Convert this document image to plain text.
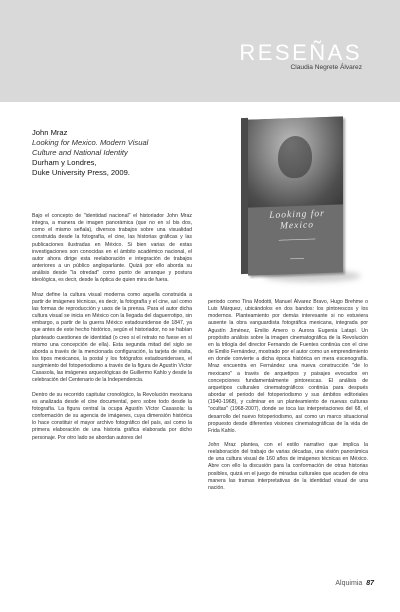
RESEÑAS
Claudia Negrete Álvarez
John Mraz
Looking for Mexico. Modern Visual
Culture and National Identity
Durham y Londres,
Duke University Press, 2009.
Looking for Mexico
━━━━━━━━━━━━━━━━
━━━━━━

Bajo el concepto de "identidad nacional" el historiador John Mraz integra, a manera de imagen panorámica (que no en sí bis dos, como el mismo señala), diversos trabajos sobre una visualidad construida desde la fotografía, el cine, las historias gráficas y las publicaciones ilustradas en México. Si bien varias de estas investigaciones son conocidas en el ámbito académico nacional, el autor ahora dirige esta reelaboración e integración de trabajos anteriores a un público angloparlante. Quizá por ello aborda su análisis desde "la otredad" como punto de arranque y postura ideológica, es decir, desde la óptica de quien mira de fuera.

Mraz define la cultura visual moderna como aquella construida a partir de imágenes técnicas, es decir, la fotografía y el cine, así como las formas de reproducción y usos de la prensa. Para el autor dicha cultura visual se inicia en México con la llegada del daguerrotipo, sin embargo, a partir de la guerra México estadounidense de 1847, ya que antes de este hecho histórico, según el historiador, no se habían planteado cuestiones de identidad (o creo si el retrato no fuese en sí mismo una concepción de ella). Esta segunda mitad del siglo se aborda a través de la mencionada configuración, la tarjeta de visita, los tipos mexicanos, la postal y los fotógrafos estadounidenses, el surgimiento del fotoperiodismo a través de la figura de Agustín Víctor Casasola, las imágenes arqueológicas de Guillermo Kahlo y desde la celebración del Centenario de la Independencia.

Dentro de su recorrido capitular cronológico, la Revolución mexicana es analizada desde el cine documental, pero sobre todo desde la fotografía. La figura central la ocupa Agustín Víctor Casasola: la conformación de su agencia de imágenes, cuya dimensión histórica lo hace constituir el mayor archivo fotográfico del país, así como la primera elaboración de una historia gráfica elaborada por dicho personaje. Por otro lado se abordan autores del

periodo como Tina Modotti, Manuel Álvarez Bravo, Hugo Brehme o Luis Márquez, ubicándolos en dos bandos: los pintorescos y los modernos. Planteamiento por demás interesante si no estuviera ausente la obra vanguardista fotográfica mexicana, integrada por Agustín Jiménez, Emilio Amero o Aurora Eugenia Latapí. Un propósito análisis sobre la imagen cinematográfica de la Revolución en la trilogía del director Fernando de Fuentes continúa con el cine de Emilio Fernández, mostrado por el autor como un emprendimiento en donde convierte a dicha época histórica en mera escenografía. Mraz encuentra en Fernández una nueva construcción "de lo mexicano" a través de arquetipos y paisajes evocados en concepciones fundamentalmente pintorescas. El análisis de arquetipos culturales cinematográficos continúa para después abordar el periodo del fotoperiodismo y sus ámbitos editoriales (1940-1968), y culminar en un planteamiento de nuevas culturas "ocultas" (1968-2007), donde se toca las interpretaciones del 68, el desarrollo del nuevo fotoperiodismo, así como un marco situacional propuesto desde diferentes visiones cinematográficas de la vida de Frida Kahlo.

John Mraz plantea, con el estilo narrativo que implica la reelaboración del trabajo de varias décadas, una visión panorámica de una cultura visual de 160 años de imágenes técnicas en México. Abre con ello la discusión para la conformación de otras historias posibles, quizá en el juego de miradas culturales que acuden de otra manera las tramas interpretativas de la identidad visual de una nación.

Alquimia 87
